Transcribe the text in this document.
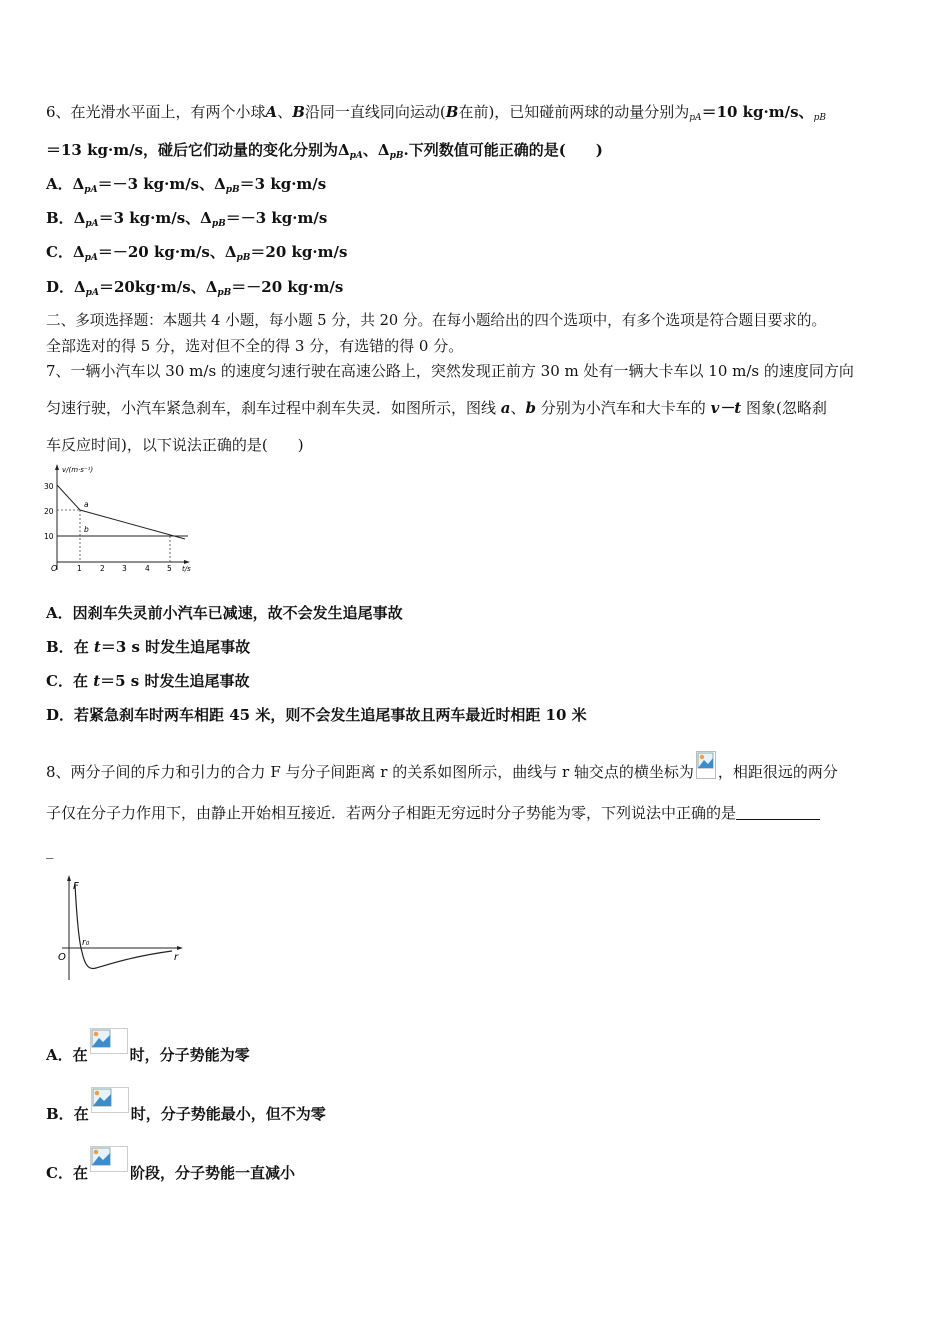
6、在光滑水平面上，有两个小球A、B沿同一直线同向运动(B在前)，已知碰前两球的动量分别为$_{pA}$＝10 kg·m/s、$_{pB}$
＝13 kg·m/s，碰后它们动量的变化分别为$\Delta_{pA}$、$\Delta_{pB}$.下列数值可能正确的是(　　)
A．$\Delta_{pA}=-3$ kg·m/s、$\Delta_{pB}=3$ kg·m/s
B．$\Delta_{pA}=3$ kg·m/s、$\Delta_{pB}=-3$ kg·m/s
C．$\Delta_{pA}=-20$ kg·m/s、$\Delta_{pB}=20$ kg·m/s
D．$\Delta_{pA}=20kg\cdot m/s$、$\Delta_{pB}=-20$ kg·m/s
二、多项选择题：本题共 4 小题，每小题 5 分，共 20 分。在每小题给出的四个选项中，有多个选项是符合题目要求的。
全部选对的得 5 分，选对但不全的得 3 分，有选错的得 0 分。
7、一辆小汽车以 30 m/s 的速度匀速行驶在高速公路上，突然发现正前方 30 m 处有一辆大卡车以 10 m/s 的速度同方向
匀速行驶，小汽车紧急刹车，刹车过程中刹车失灵．如图所示，图线 a、b 分别为小汽车和大卡车的 v－t 图象(忽略刹
车反应时间)，以下说法正确的是(　　)
v/(m·s⁻¹)
t/s
O
30
20
10
1 2 3 4 5
a
b
A．因刹车失灵前小汽车已减速，故不会发生追尾事故
B．在 t＝3 s 时发生追尾事故
C．在 t＝5 s 时发生追尾事故
D．若紧急刹车时两车相距 45 米，则不会发生追尾事故且两车最近时相距 10 米
8、两分子间的斥力和引力的合力 F 与分子间距离 r 的关系如图所示，曲线与 r 轴交点的横坐标为 ，相距很远的两分
子仅在分子力作用下，由静止开始相互接近．若两分子相距无穷远时分子势能为零，下列说法中正确的是
_
F
r
O
r₀
A．在	时，分子势能为零
B．在	时，分子势能最小，但不为零
C．在	阶段，分子势能一直减小
